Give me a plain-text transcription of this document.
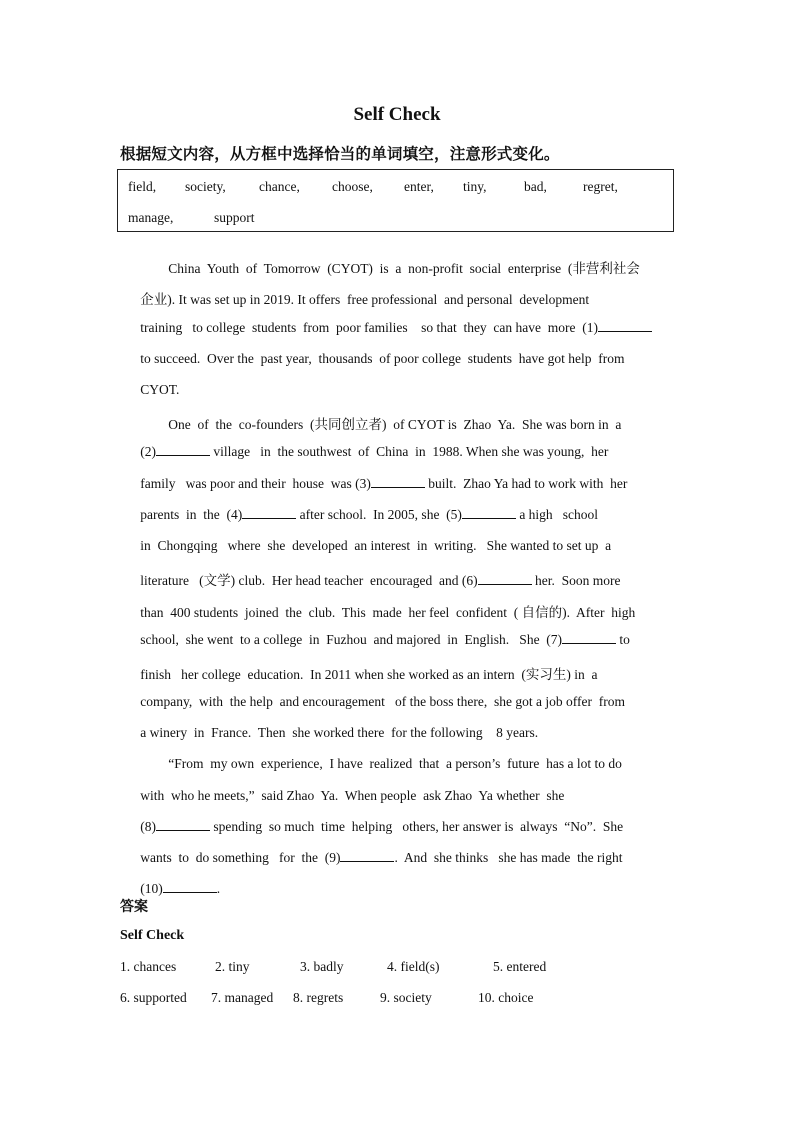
Self Check
根据短文内容，从方框中选择恰当的单词填空，注意形式变化。
field, society, chance, choose, enter, tiny,	bad,	regret,
manage,	support

China  Youth  of  Tomorrow  (CYOT)  is  a  non-profit  social  enterprise  (非营利社会

企业). It was set up in 2019. It offers  free professional  and personal  development

training   to college  students  from  poor families    so that  they  can have  more  (1)

to succeed.  Over the  past year,  thousands  of poor college  students  have got help  from

CYOT.

One  of  the  co-founders  (共同创立者)  of CYOT is  Zhao  Ya.  She was born in  a

(2)	village   in  the southwest  of  China  in  1988. When she was young,  her

family   was poor and their  house  was (3)	built.  Zhao Ya had to work with  her

parents  in  the  (4)	after school.  In 2005, she  (5)	a high   school

in  Chongqing   where  she  developed  an interest  in  writing.   She wanted to set up  a

literature   (文学) club.  Her head teacher  encouraged  and (6)	her.  Soon more

than  400 students  joined  the  club.  This  made  her feel  confident  ( 自信的).  After  high

school,  she went  to a college  in  Fuzhou  and majored  in  English.   She  (7)	to

finish   her college  education.  In 2011 when she worked as an intern  (实习生) in  a

company,  with  the help  and encouragement   of the boss there,  she got a job offer  from

a winery  in  France.  Then  she worked there  for the following    8 years.

“From  my own  experience,  I have  realized  that  a person’s  future  has a lot to do

with  who he meets,”  said Zhao  Ya.  When people  ask Zhao  Ya whether  she

(8)	spending  so much  time  helping   others, her answer is  always  “No”.  She

wants  to  do something   for  the  (9)	.  And  she thinks   she has made  the right

(10)	.

答案
Self Check
1. chances	2. tiny	3. badly	4. field(s)	5. entered
6. supported 7. managed 8. regrets	9. society	10. choice
